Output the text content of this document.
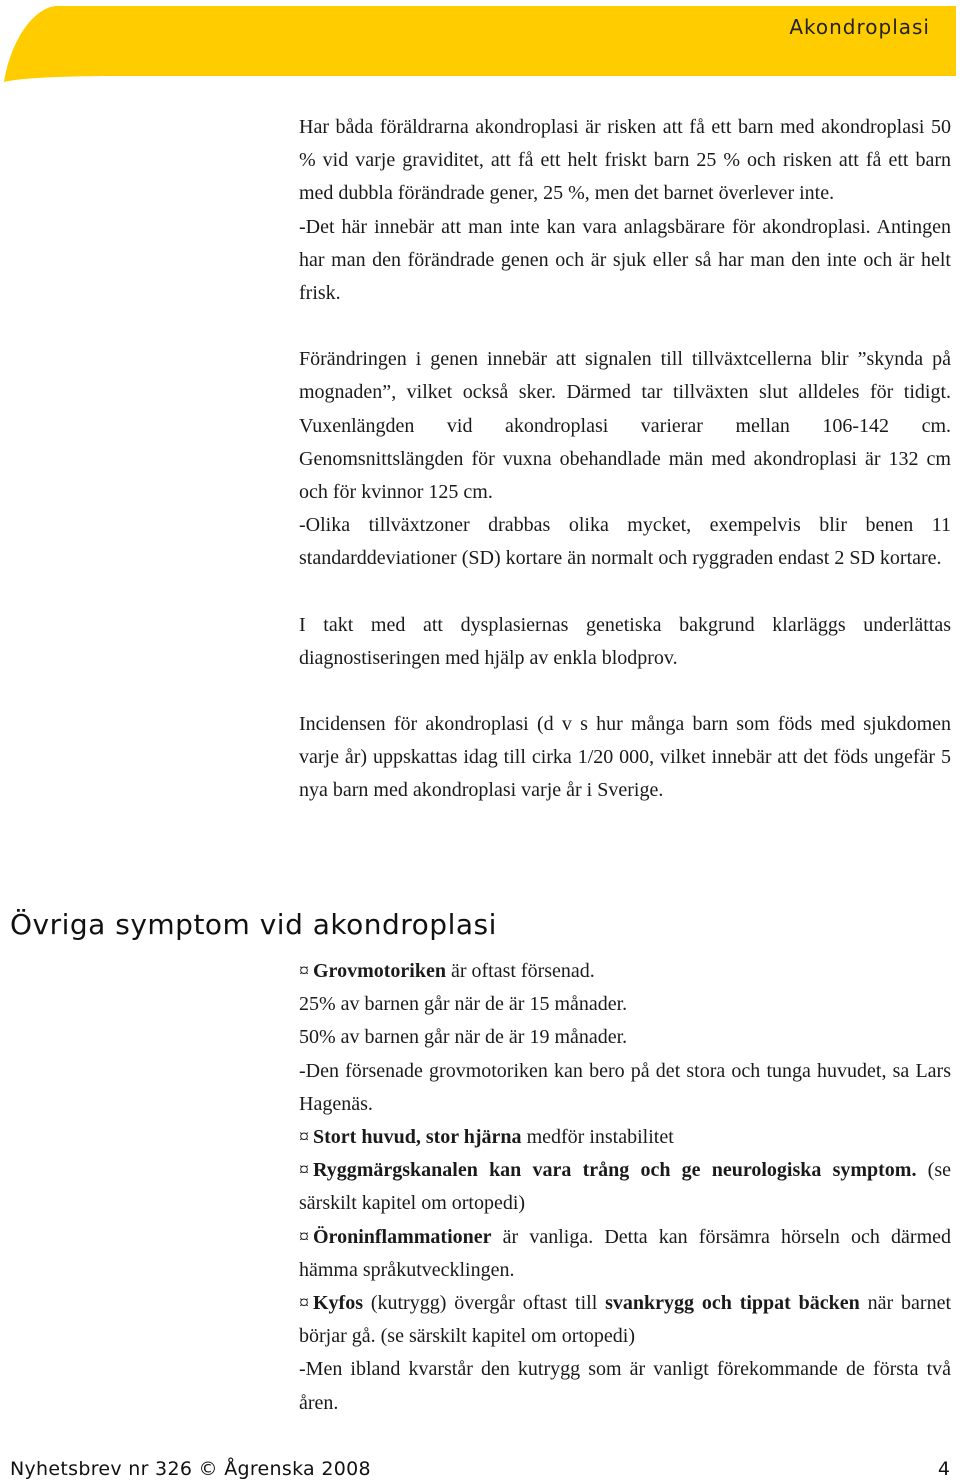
Akondroplasi

Har båda föräldrarna akondroplasi är risken att få ett barn med akondroplasi 50 % vid varje graviditet, att få ett helt friskt barn 25 % och risken att få ett barn med dubbla förändrade gener, 25 %, men det barnet överlever inte.

-Det här innebär att man inte kan vara anlagsbärare för akondroplasi. Antingen har man den förändrade genen och är sjuk eller så har man den inte och är helt frisk.

Förändringen i genen innebär att signalen till tillväxtcellerna blir ”skynda på mognaden”, vilket också sker. Därmed tar tillväxten slut alldeles för tidigt. Vuxenlängden vid akondroplasi varierar mellan 106-142 cm. Genomsnittslängden för vuxna obehandlade män med akondroplasi är 132 cm och för kvinnor 125 cm.

-Olika tillväxtzoner drabbas olika mycket, exempelvis blir benen 11 standarddeviationer (SD) kortare än normalt och ryggraden endast 2 SD kortare.

I takt med att dysplasiernas genetiska bakgrund klarläggs underlättas diagnostiseringen med hjälp av enkla blodprov.

Incidensen för akondroplasi (d v s hur många barn som föds med sjukdomen varje år) uppskattas idag till cirka 1/20 000, vilket innebär att det föds ungefär 5 nya barn med akondroplasi varje år i Sverige.

Övriga symptom vid akondroplasi

¤ Grovmotoriken är oftast försenad.

25% av barnen går när de är 15 månader.

50% av barnen går när de är 19 månader.

-Den försenade grovmotoriken kan bero på det stora och tunga huvudet, sa Lars Hagenäs.

¤ Stort huvud, stor hjärna medför instabilitet

¤ Ryggmärgskanalen kan vara trång och ge neurologiska symptom. (se särskilt kapitel om ortopedi)

¤ Öroninflammationer är vanliga. Detta kan försämra hörseln och därmed hämma språkutvecklingen.

¤ Kyfos (kutrygg) övergår oftast till svankrygg och tippat bäcken när barnet börjar gå. (se särskilt kapitel om ortopedi)

-Men ibland kvarstår den kutrygg som är vanligt förekommande de första två åren.

Nyhetsbrev nr 326 © Ågrenska 2008	4
